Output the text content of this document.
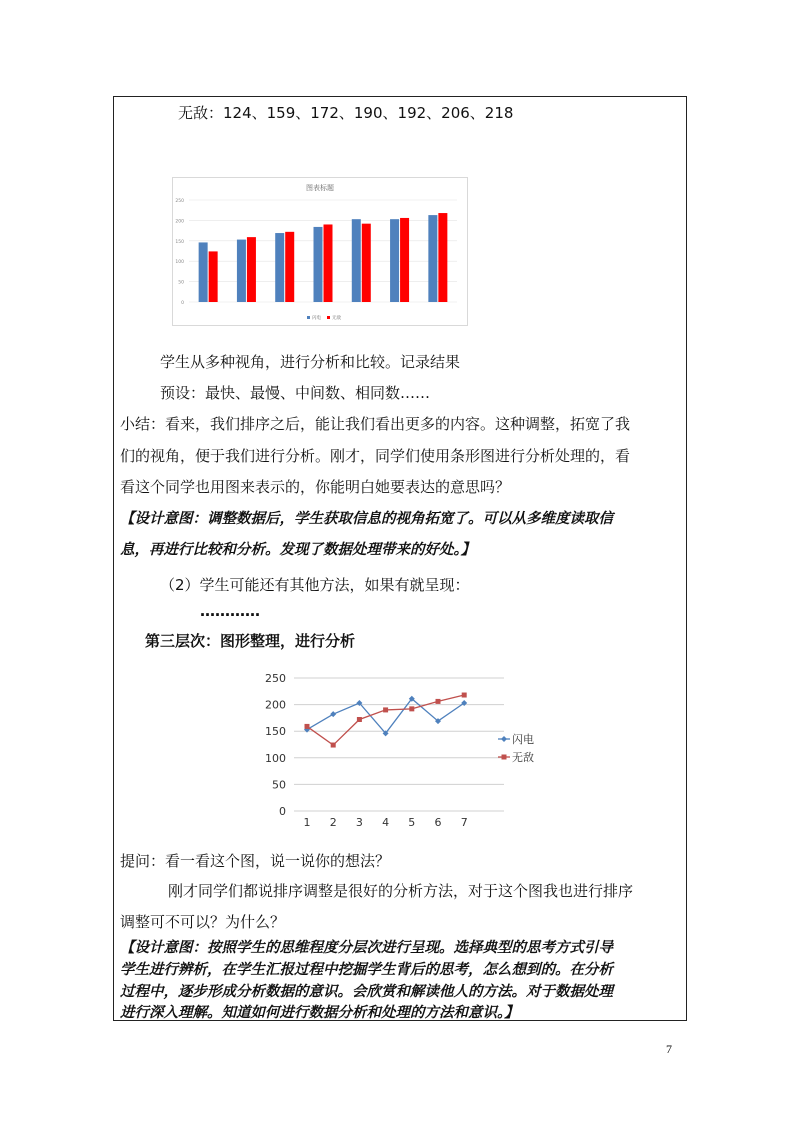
无敌：124、159、172、190、192、206、218
图表标题
0
50
100
150
200
250
闪电 无敌
学生从多种视角，进行分析和比较。记录结果
预设：最快、最慢、中间数、相同数……
小结：看来，我们排序之后，能让我们看出更多的内容。这种调整，拓宽了我
们的视角，便于我们进行分析。刚才，同学们使用条形图进行分析处理的，看
看这个同学也用图来表示的，你能明白她要表达的意思吗？
【设计意图：调整数据后，学生获取信息的视角拓宽了。可以从多维度读取信
息，再进行比较和分析。发现了数据处理带来的好处。】
（2）学生可能还有其他方法，如果有就呈现：
…………
第三层次：图形整理，进行分析
0
50
100
150
200
250
1 2 3 4 5 6 7
闪电
无敌
提问：看一看这个图，说一说你的想法？
刚才同学们都说排序调整是很好的分析方法，对于这个图我也进行排序
调整可不可以？为什么？
【设计意图：按照学生的思维程度分层次进行呈现。选择典型的思考方式引导
学生进行辨析，在学生汇报过程中挖掘学生背后的思考，怎么想到的。在分析
过程中，逐步形成分析数据的意识。会欣赏和解读他人的方法。对于数据处理
进行深入理解。知道如何进行数据分析和处理的方法和意识。】
7
